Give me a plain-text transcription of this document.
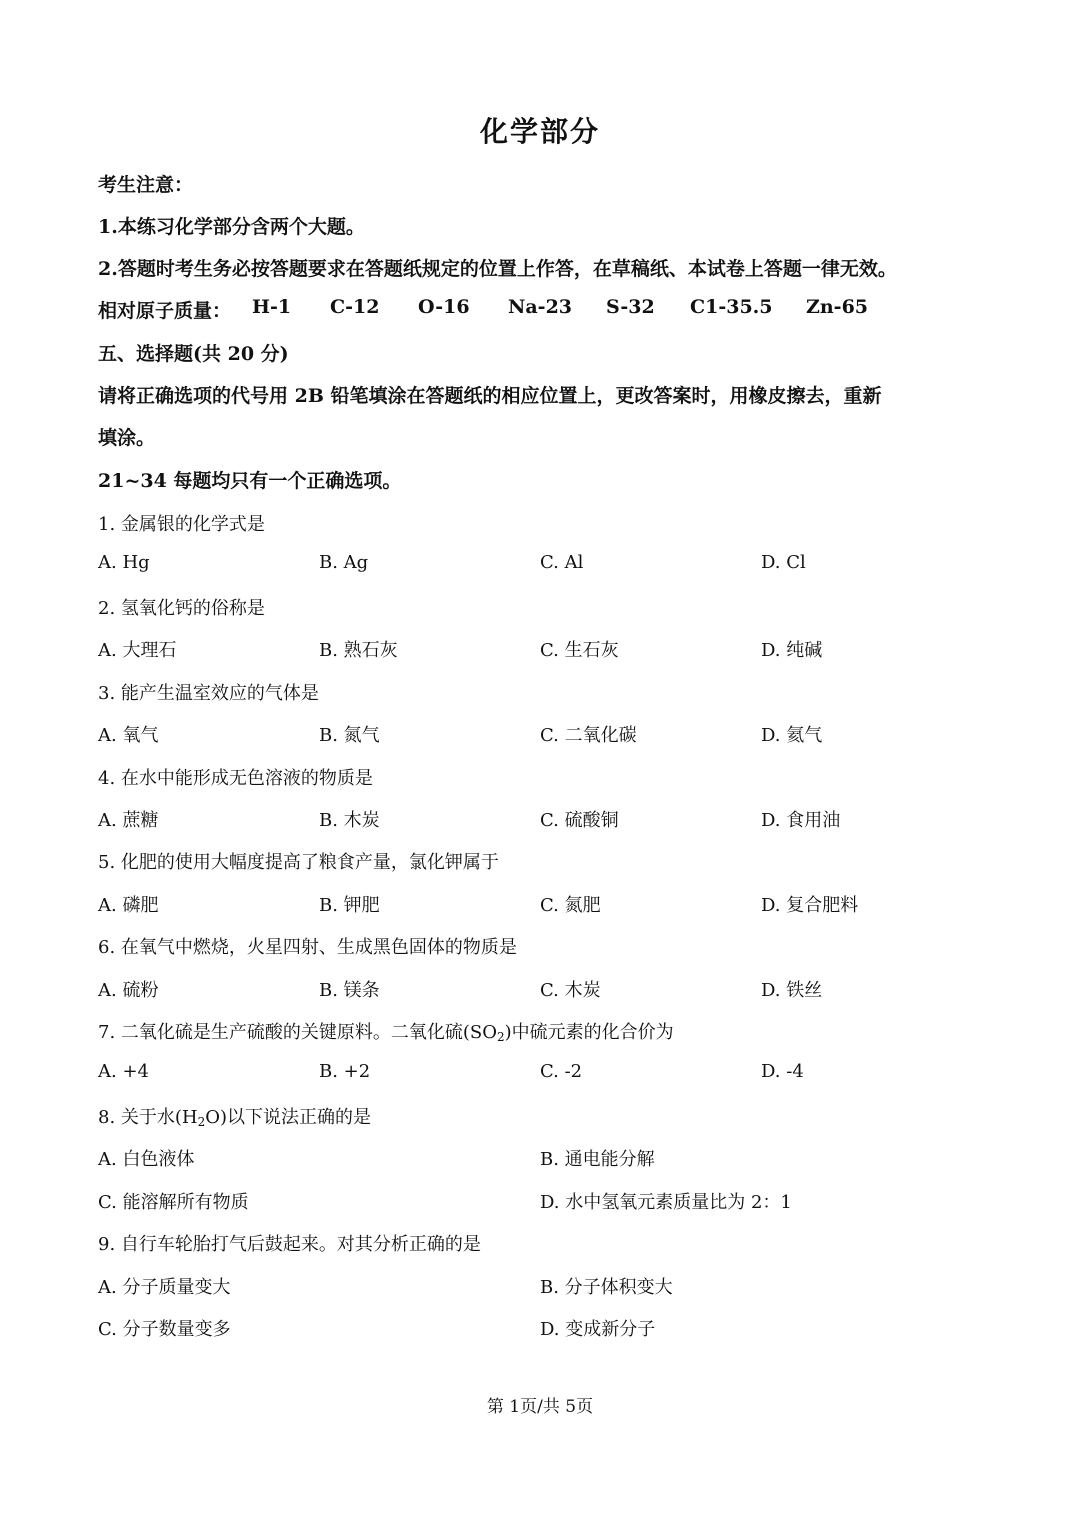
化学部分
考生注意：
1.本练习化学部分含两个大题。
2.答题时考生务必按答题要求在答题纸规定的位置上作答，在草稿纸、本试卷上答题一律无效。
相对原子质量： H-1 C-12 O-16 Na-23 S-32 C1-35.5 Zn-65
五、选择题(共 20 分)
请将正确选项的代号用 2B 铅笔填涂在答题纸的相应位置上，更改答案时，用橡皮擦去，重新
填涂。
21~34 每题均只有一个正确选项。
1. 金属银的化学式是
A. Hg	B. Ag	C. Al	D. Cl
2. 氢氧化钙的俗称是
A. 大理石	B. 熟石灰	C. 生石灰	D. 纯碱
3. 能产生温室效应的气体是
A. 氧气	B. 氮气	C. 二氧化碳	D. 氦气
4. 在水中能形成无色溶液的物质是
A. 蔗糖	B. 木炭	C. 硫酸铜	D. 食用油
5. 化肥的使用大幅度提高了粮食产量，氯化钾属于
A. 磷肥	B. 钾肥	C. 氮肥	D. 复合肥料
6. 在氧气中燃烧，火星四射、生成黑色固体的物质是
A. 硫粉	B. 镁条	C. 木炭	D. 铁丝
7. 二氧化硫是生产硫酸的关键原料。二氧化硫$(SO_2)$中硫元素的化合价为
A. +4	B. +2	C. -2	D. -4
8. 关于水$(H_2O)$以下说法正确的是
A. 白色液体	B. 通电能分解
C. 能溶解所有物质	D. 水中氢氧元素质量比为 2：1
9. 自行车轮胎打气后鼓起来。对其分析正确的是
A. 分子质量变大	B. 分子体积变大
C. 分子数量变多	D. 变成新分子
第 1页/共 5页
